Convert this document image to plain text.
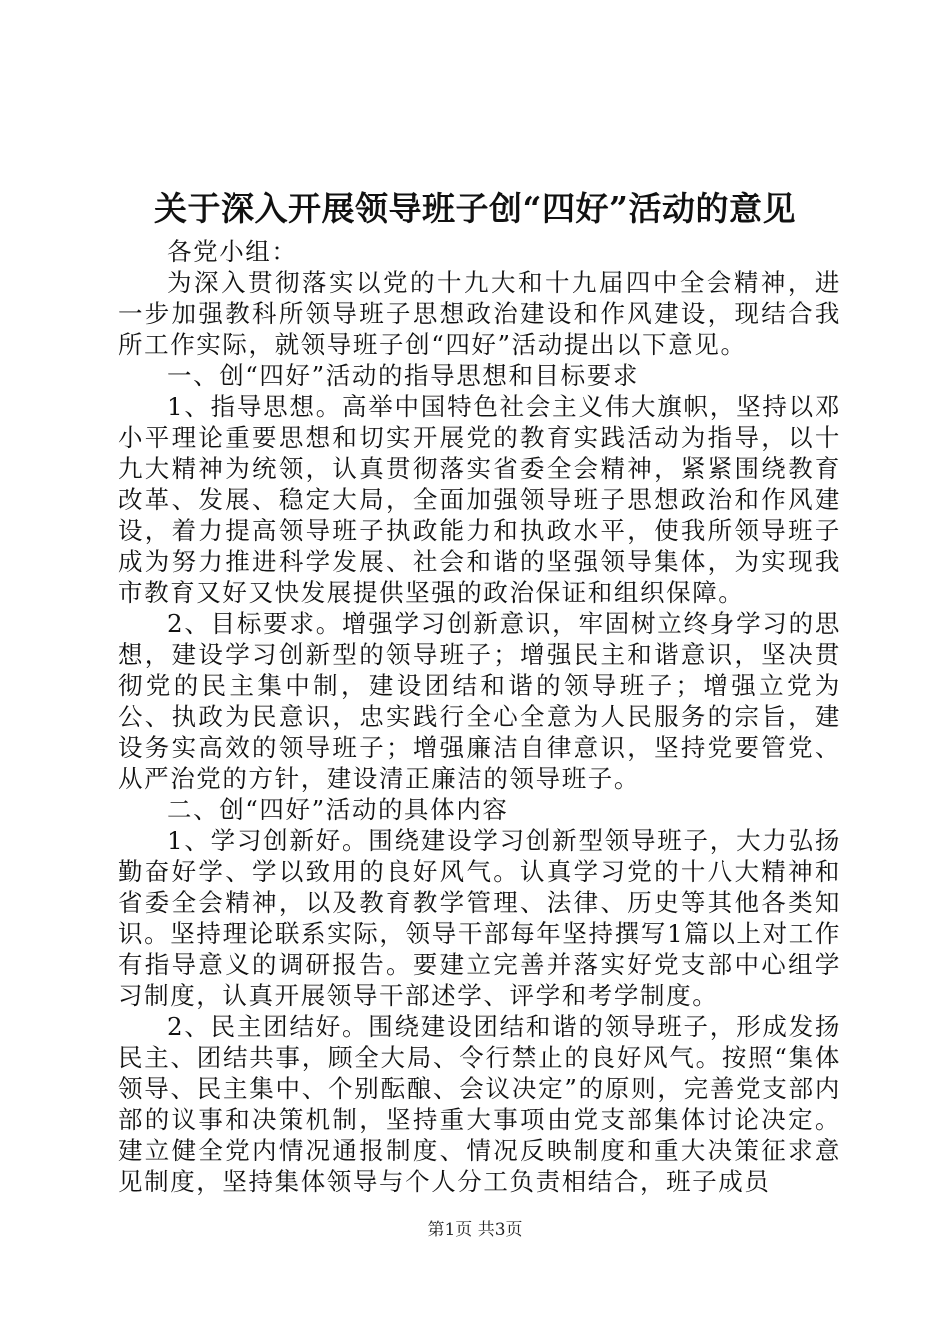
关于深入开展领导班子创“四好”活动的意见

各党小组：

为深入贯彻落实以党的十九大和十九届四中全会精神，进一步加强教科所领导班子思想政治建设和作风建设，现结合我所工作实际，就领导班子创“四好”活动提出以下意见。

一、创“四好”活动的指导思想和目标要求

1、指导思想。高举中国特色社会主义伟大旗帜，坚持以邓小平理论重要思想和切实开展党的教育实践活动为指导，以十九大精神为统领，认真贯彻落实省委全会精神，紧紧围绕教育改革、发展、稳定大局，全面加强领导班子思想政治和作风建设，着力提高领导班子执政能力和执政水平，使我所领导班子成为努力推进科学发展、社会和谐的坚强领导集体，为实现我市教育又好又快发展提供坚强的政治保证和组织保障。

2、目标要求。增强学习创新意识，牢固树立终身学习的思想，建设学习创新型的领导班子；增强民主和谐意识，坚决贯彻党的民主集中制，建设团结和谐的领导班子；增强立党为公、执政为民意识，忠实践行全心全意为人民服务的宗旨，建设务实高效的领导班子；增强廉洁自律意识，坚持党要管党、从严治党的方针，建设清正廉洁的领导班子。

二、创“四好”活动的具体内容

1、学习创新好。围绕建设学习创新型领导班子，大力弘扬勤奋好学、学以致用的良好风气。认真学习党的十八大精神和省委全会精神，以及教育教学管理、法律、历史等其他各类知识。坚持理论联系实际，领导干部每年坚持撰写1篇以上对工作有指导意义的调研报告。要建立完善并落实好党支部中心组学习制度，认真开展领导干部述学、评学和考学制度。

2、民主团结好。围绕建设团结和谐的领导班子，形成发扬民主、团结共事，顾全大局、令行禁止的良好风气。按照“集体领导、民主集中、个别酝酿、会议决定”的原则，完善党支部内部的议事和决策机制，坚持重大事项由党支部集体讨论决定。建立健全党内情况通报制度、情况反映制度和重大决策征求意见制度，坚持集体领导与个人分工负责相结合，班子成员

第1页 共3页
